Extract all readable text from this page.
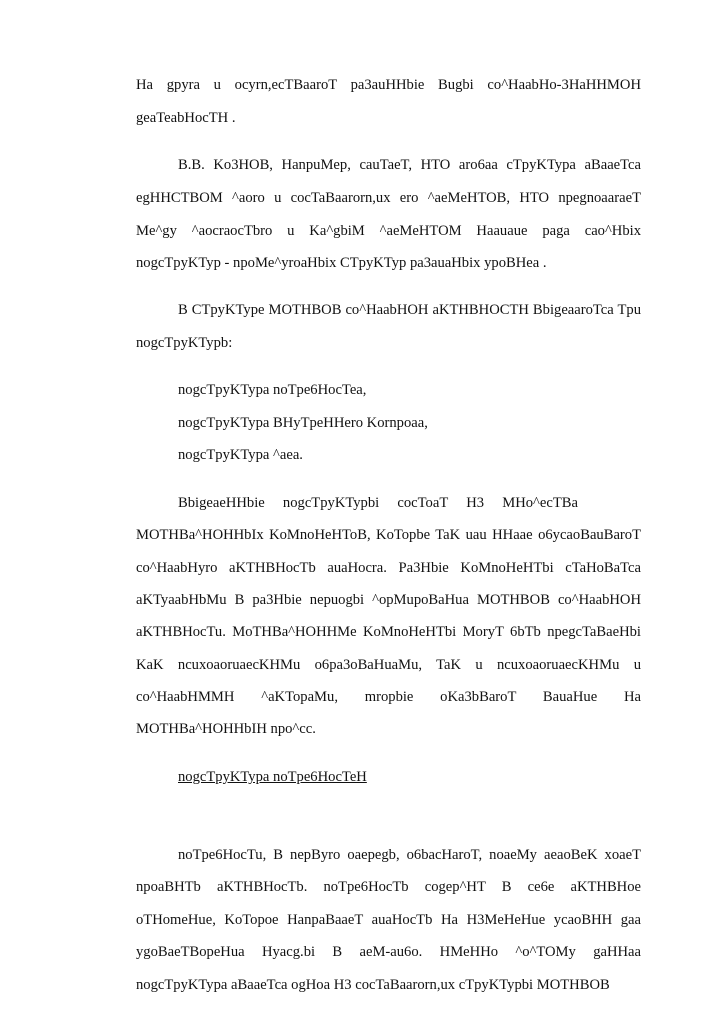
На gpyra u ocyrn,ecTBaaroT pa3auHHbie Bugbi co^HaabHo-3HaHHMOH
geaTeabHocTH .
B.B. Ko3HOB, HanpuMep, cauTaeT, HTO aro6aa cTpyKTypa aBaaeTca
egHHCTBOM ^aoro u cocTaBaarorn,ux ero ^aeMeHTOB, HTO npegnoaaraeT
Me^gy ^aocraocTbro u Ka^gbiM ^aeMeHTOM Haauaue paga cao^Hbix
nogcTpyKTyp - npoMe^yroaHbix CTpyKTyp pa3auaHbix ypoBHea .
B CTpyKType MOTHBOB co^HaabHOH aKTHBHOCTH BbigeaaroTca Tpu
nogcTpyKTypb:
nogcTpyKTypa noTpe6HocTea,
nogcTpyKTypa BHyTpeHHero Kornpoaa,
nogcTpyKTypa ^aea.
BbigeaeHHbie nogcTpyKTypbi cocToaT H3 MHo^ecTBa
MOTHBa^HOHHbIx KoMnoHeHToB, KoTopbe TaK uau HHaae o6ycaoBauBaroT
co^HaabHyro aKTHBHocTb auaHocra. Pa3Hbie KoMnoHeHTbi cTaHoBaTca
aKTyaabHbMu B pa3Hbie nepuogbi ^opMupoBaHua MOTHBOB co^HaabHOH
aKTHBHocTu. MoTHBa^HOHHMe KoMnoHeHTbi MoryT 6bTb npegcTaBaeHbi
KaK ncuxoaoruaecKHMu o6pa3oBaHuaMu, TaK u ncuxoaoruaecKHMu u
co^HaabHMMH ^aKTopaMu, mropbie oKa3bBaroT BauaHue Ha
MOTHBa^HOHHbIH npo^cc.
nogcTpyKTypa noTpe6HocTeH
noTpe6HocTu, B nepByro oaepegb, o6bacHaroT, noaeMy aeaoBeK xoaeT
npoaBHTb aKTHBHocTb. noTpe6HocTb cogep^HT B ce6e aKTHBHoe
oTHomeHue, KoTopoe HanpaBaaeT auaHocTb Ha H3MeHeHue ycaoBHH gaa
ygoBaeTBopeHua Hyacg.bi B aeM-au6o. HMeHHo ^o^TOMy gaHHaa
nogcTpyKTypa aBaaeTca ogHoa H3 cocTaBaarorn,ux cTpyKTypbi MOTHBOB
